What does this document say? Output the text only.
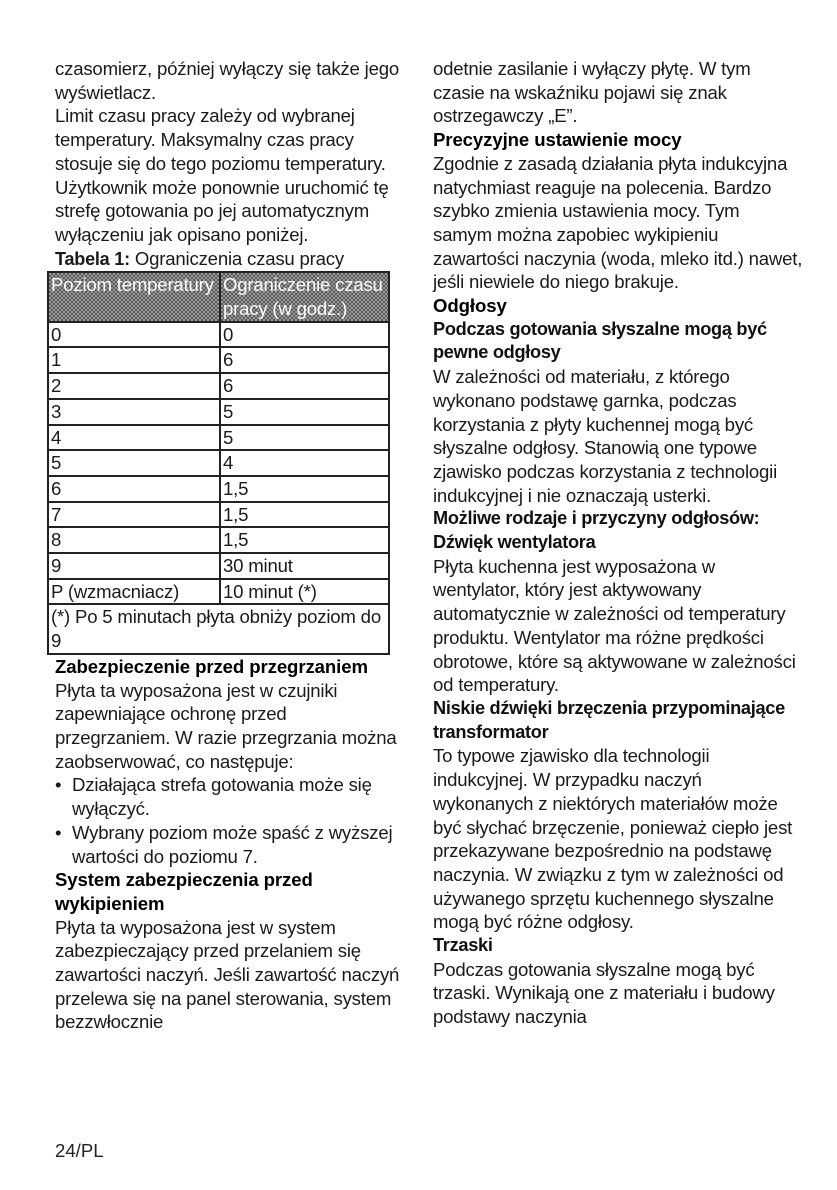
czasomierz, później wyłączy się także jego wyświetlacz.

Limit czasu pracy zależy od wybranej temperatury. Maksymalny czas pracy stosuje się do tego poziomu temperatury.

Użytkownik może ponownie uruchomić tę strefę gotowania po jej automatycznym wyłączeniu jak opisano poniżej.

Tabela 1: Ograniczenia czasu pracy

Poziom temperatury	Ograniczenie czasu pracy (w godz.)
0	0
1	6
2	6
3	5
4	5
5	4
6	1,5
7	1,5
8	1,5
9	30 minut
P (wzmacniacz)	10 minut (*)
(*) Po 5 minutach płyta obniży poziom do 9	

Zabezpieczenie przed przegrzaniem

Płyta ta wyposażona jest w czujniki zapewniające ochronę przed przegrzaniem. W razie przegrzania można zaobserwować, co następuje:

• Działająca strefa gotowania może się wyłączyć.
• Wybrany poziom może spaść z wyższej wartości do poziomu 7.

System zabezpieczenia przed wykipieniem

Płyta ta wyposażona jest w system zabezpieczający przed przelaniem się zawartości naczyń. Jeśli zawartość naczyń przelewa się na panel sterowania, system bezzwłocznie

odetnie zasilanie i wyłączy płytę. W tym czasie na wskaźniku pojawi się znak ostrzegawczy „E”.

Precyzyjne ustawienie mocy

Zgodnie z zasadą działania płyta indukcyjna natychmiast reaguje na polecenia. Bardzo szybko zmienia ustawienia mocy. Tym samym można zapobiec wykipieniu zawartości naczynia (woda, mleko itd.) nawet, jeśli niewiele do niego brakuje.

Odgłosy

Podczas gotowania słyszalne mogą być pewne odgłosy

W zależności od materiału, z którego wykonano podstawę garnka, podczas korzystania z płyty kuchennej mogą być słyszalne odgłosy. Stanowią one typowe zjawisko podczas korzystania z technologii indukcyjnej i nie oznaczają usterki.

Możliwe rodzaje i przyczyny odgłosów:

Dźwięk wentylatora

Płyta kuchenna jest wyposażona w wentylator, który jest aktywowany automatycznie w zależności od temperatury produktu. Wentylator ma różne prędkości obrotowe, które są aktywowane w zależności od temperatury.

Niskie dźwięki brzęczenia przypominające transformator

To typowe zjawisko dla technologii indukcyjnej. W przypadku naczyń wykonanych z niektórych materiałów może być słychać brzęczenie, ponieważ ciepło jest przekazywane bezpośrednio na podstawę naczynia. W związku z tym w zależności od używanego sprzętu kuchennego słyszalne mogą być różne odgłosy.

Trzaski

Podczas gotowania słyszalne mogą być trzaski. Wynikają one z materiału i budowy podstawy naczynia

24/PL
